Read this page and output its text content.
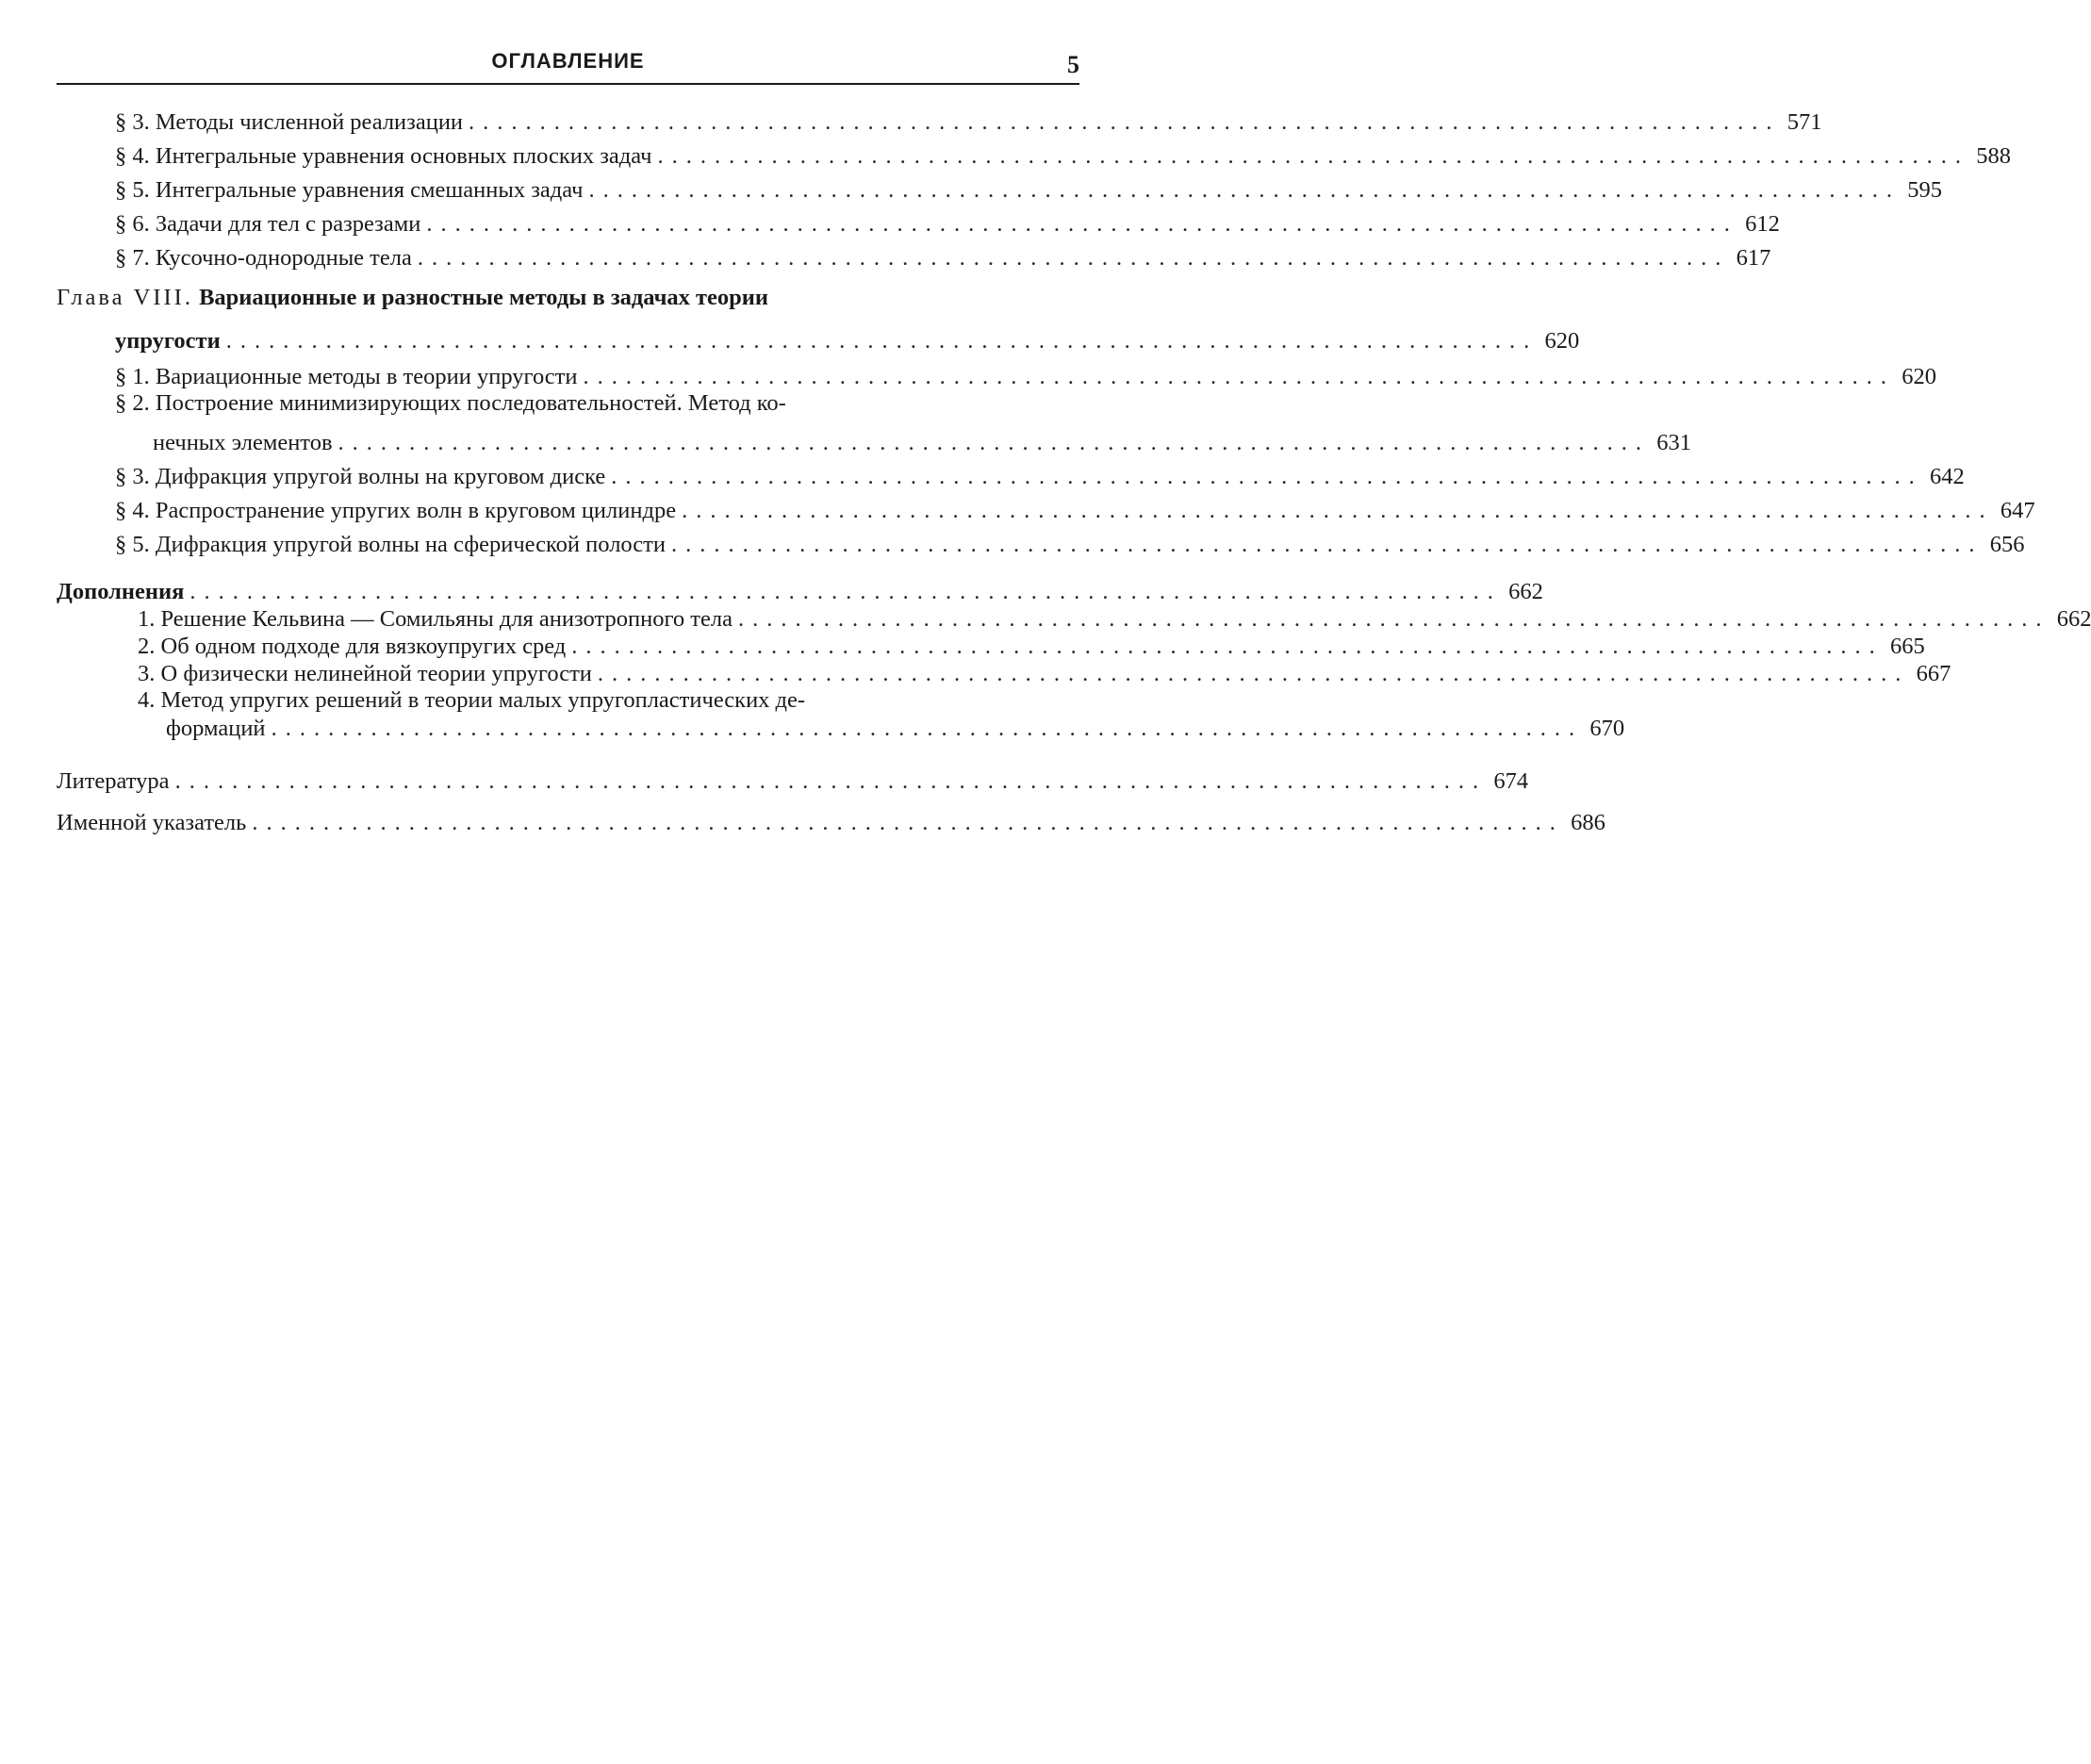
ОГЛАВЛЕНИЕ	5
§ 3. Методы численной реализации ............................................................................................ 571
§ 4. Интегральные уравнения основных плоских задач ............................................................................................ 588
§ 5. Интегральные уравнения смешанных задач ............................................................................................ 595
§ 6. Задачи для тел с разрезами ............................................................................................ 612
§ 7. Кусочно-однородные тела ............................................................................................ 617
Глава VIII. Вариационные и разностные методы в задачах теории
упругости ............................................................................................ 620
§ 1. Вариационные методы в теории упругости ............................................................................................ 620
§ 2. Построение минимизирующих последовательностей. Метод ко-
нечных элементов ............................................................................................ 631
§ 3. Дифракция упругой волны на круговом диске ............................................................................................ 642
§ 4. Распространение упругих волн в круговом цилиндре ............................................................................................ 647
§ 5. Дифракция упругой волны на сферической полости ............................................................................................ 656
Дополнения ............................................................................................ 662
1. Решение Кельвина — Сомильяны для анизотропного тела ............................................................................................ 662
2. Об одном подходе для вязкоупругих сред ............................................................................................ 665
3. О физически нелинейной теории упругости ............................................................................................ 667
4. Метод упругих решений в теории малых упругопластических де-
формаций ............................................................................................ 670
Литература ............................................................................................ 674
Именной указатель ............................................................................................ 686
